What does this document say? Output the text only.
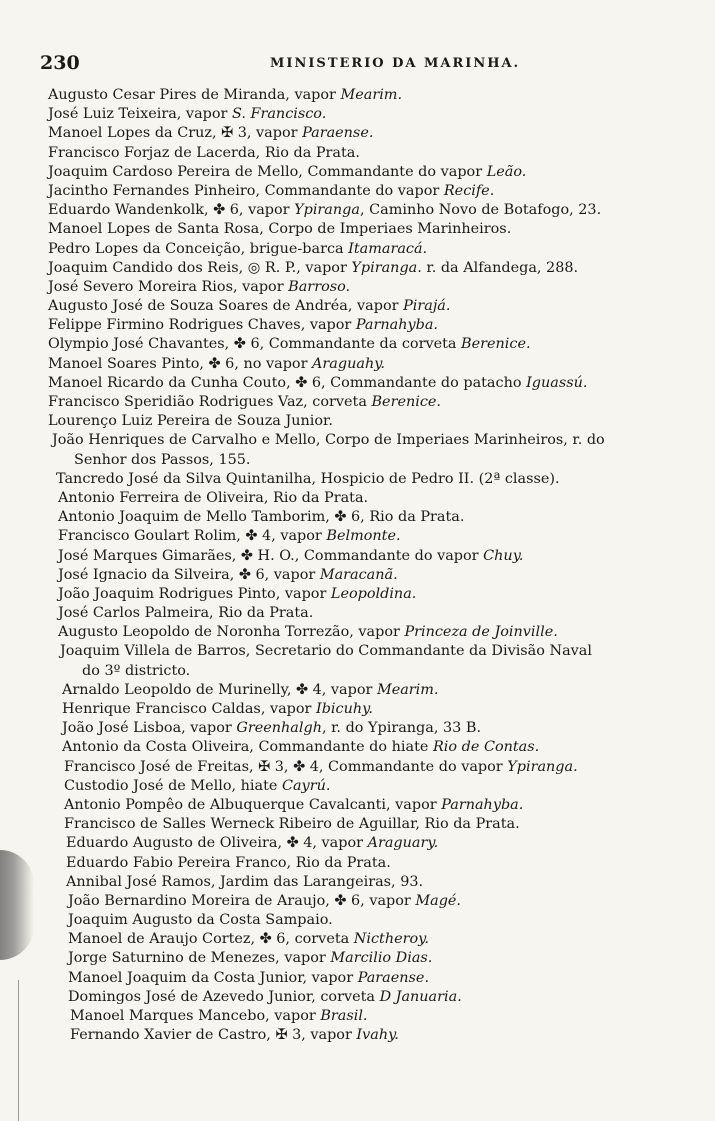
230	MINISTERIO DA MARINHA.
Augusto Cesar Pires de Miranda, vapor Mearim.
José Luiz Teixeira, vapor S. Francisco.
Manoel Lopes da Cruz, ✠ 3, vapor Paraense.
Francisco Forjaz de Lacerda, Rio da Prata.
Joaquim Cardoso Pereira de Mello, Commandante do vapor Leão.
Jacintho Fernandes Pinheiro, Commandante do vapor Recife.
Eduardo Wandenkolk, ✤ 6, vapor Ypiranga, Caminho Novo de Botafogo, 23.
Manoel Lopes de Santa Rosa, Corpo de Imperiaes Marinheiros.
Pedro Lopes da Conceição, brigue-barca Itamaracá.
Joaquim Candido dos Reis, ◎ R. P., vapor Ypiranga. r. da Alfandega, 288.
José Severo Moreira Rios, vapor Barroso.
Augusto José de Souza Soares de Andréa, vapor Pirajá.
Felippe Firmino Rodrigues Chaves, vapor Parnahyba.
Olympio José Chavantes, ✤ 6, Commandante da corveta Berenice.
Manoel Soares Pinto, ✤ 6, no vapor Araguahy.
Manoel Ricardo da Cunha Couto, ✤ 6, Commandante do patacho Iguassú.
Francisco Speridião Rodrigues Vaz, corveta Berenice.
Lourenço Luiz Pereira de Souza Junior.
João Henriques de Carvalho e Mello, Corpo de Imperiaes Marinheiros, r. do
Senhor dos Passos, 155.
Tancredo José da Silva Quintanilha, Hospicio de Pedro II. (2ª classe).
Antonio Ferreira de Oliveira, Rio da Prata.
Antonio Joaquim de Mello Tamborim, ✤ 6, Rio da Prata.
Francisco Goulart Rolim, ✤ 4, vapor Belmonte.
José Marques Gimarães, ✤ H. O., Commandante do vapor Chuy.
José Ignacio da Silveira, ✤ 6, vapor Maracanã.
João Joaquim Rodrigues Pinto, vapor Leopoldina.
José Carlos Palmeira, Rio da Prata.
Augusto Leopoldo de Noronha Torrezão, vapor Princeza de Joinville.
Joaquim Villela de Barros, Secretario do Commandante da Divisão Naval
do 3º districto.
Arnaldo Leopoldo de Murinelly, ✤ 4, vapor Mearim.
Henrique Francisco Caldas, vapor Ibicuhy.
João José Lisboa, vapor Greenhalgh, r. do Ypiranga, 33 B.
Antonio da Costa Oliveira, Commandante do hiate Rio de Contas.
Francisco José de Freitas, ✠ 3, ✤ 4, Commandante do vapor Ypiranga.
Custodio José de Mello, hiate Cayrú.
Antonio Pompêo de Albuquerque Cavalcanti, vapor Parnahyba.
Francisco de Salles Werneck Ribeiro de Aguillar, Rio da Prata.
Eduardo Augusto de Oliveira, ✤ 4, vapor Araguary.
Eduardo Fabio Pereira Franco, Rio da Prata.
Annibal José Ramos, Jardim das Larangeiras, 93.
João Bernardino Moreira de Araujo, ✤ 6, vapor Magé.
Joaquim Augusto da Costa Sampaio.
Manoel de Araujo Cortez, ✤ 6, corveta Nictheroy.
Jorge Saturnino de Menezes, vapor Marcilio Dias.
Manoel Joaquim da Costa Junior, vapor Paraense.
Domingos José de Azevedo Junior, corveta D Januaria.
Manoel Marques Mancebo, vapor Brasil.
Fernando Xavier de Castro, ✠ 3, vapor Ivahy.
